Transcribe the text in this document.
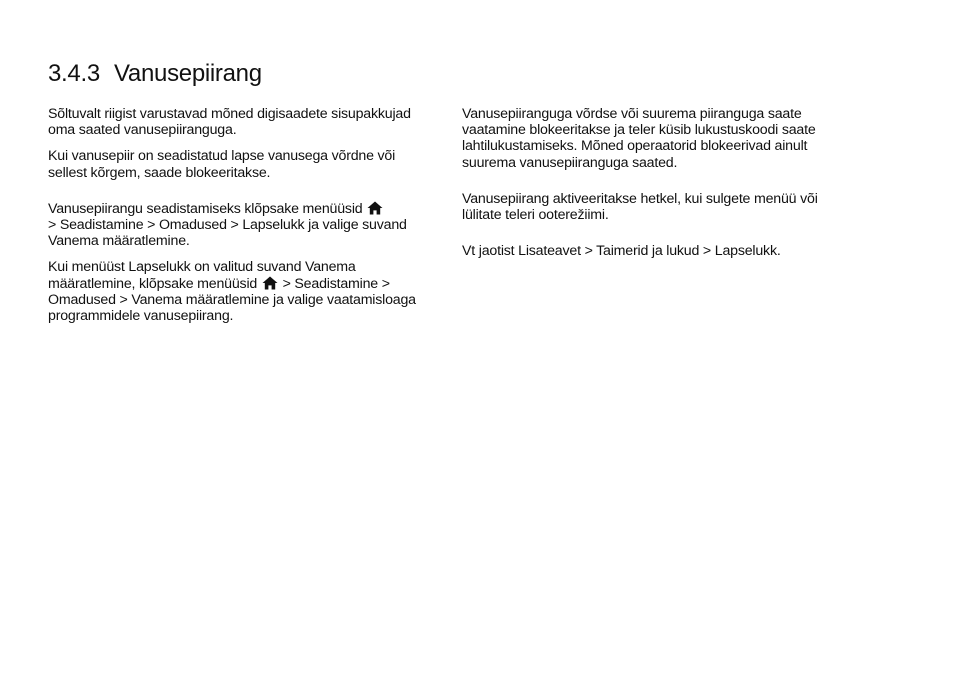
3.4.3 Vanusepiirang

Sõltuvalt riigist varustavad mõned digisaadete sisupakkujad oma saated vanusepiiranguga.

Kui vanusepiir on seadistatud lapse vanusega võrdne või sellest kõrgem, saade blokeeritakse.

Vanusepiirangu seadistamiseks klõpsake menüüsid

> Seadistamine > Omadused > Lapselukk ja valige suvand Vanema määratlemine.

Kui menüüst Lapselukk on valitud suvand Vanema määratlemine, klõpsake menüüsid > Seadistamine > Omadused > Vanema määratlemine ja valige vaatamisloaga programmidele vanusepiirang.

Vanusepiiranguga võrdse või suurema piiranguga saate vaatamine blokeeritakse ja teler küsib lukustuskoodi saate lahtilukustamiseks. Mõned operaatorid blokeerivad ainult suurema vanusepiiranguga saated.

Vanusepiirang aktiveeritakse hetkel, kui sulgete menüü või lülitate teleri ooterežiimi.

Vt jaotist Lisateavet > Taimerid ja lukud > Lapselukk.
